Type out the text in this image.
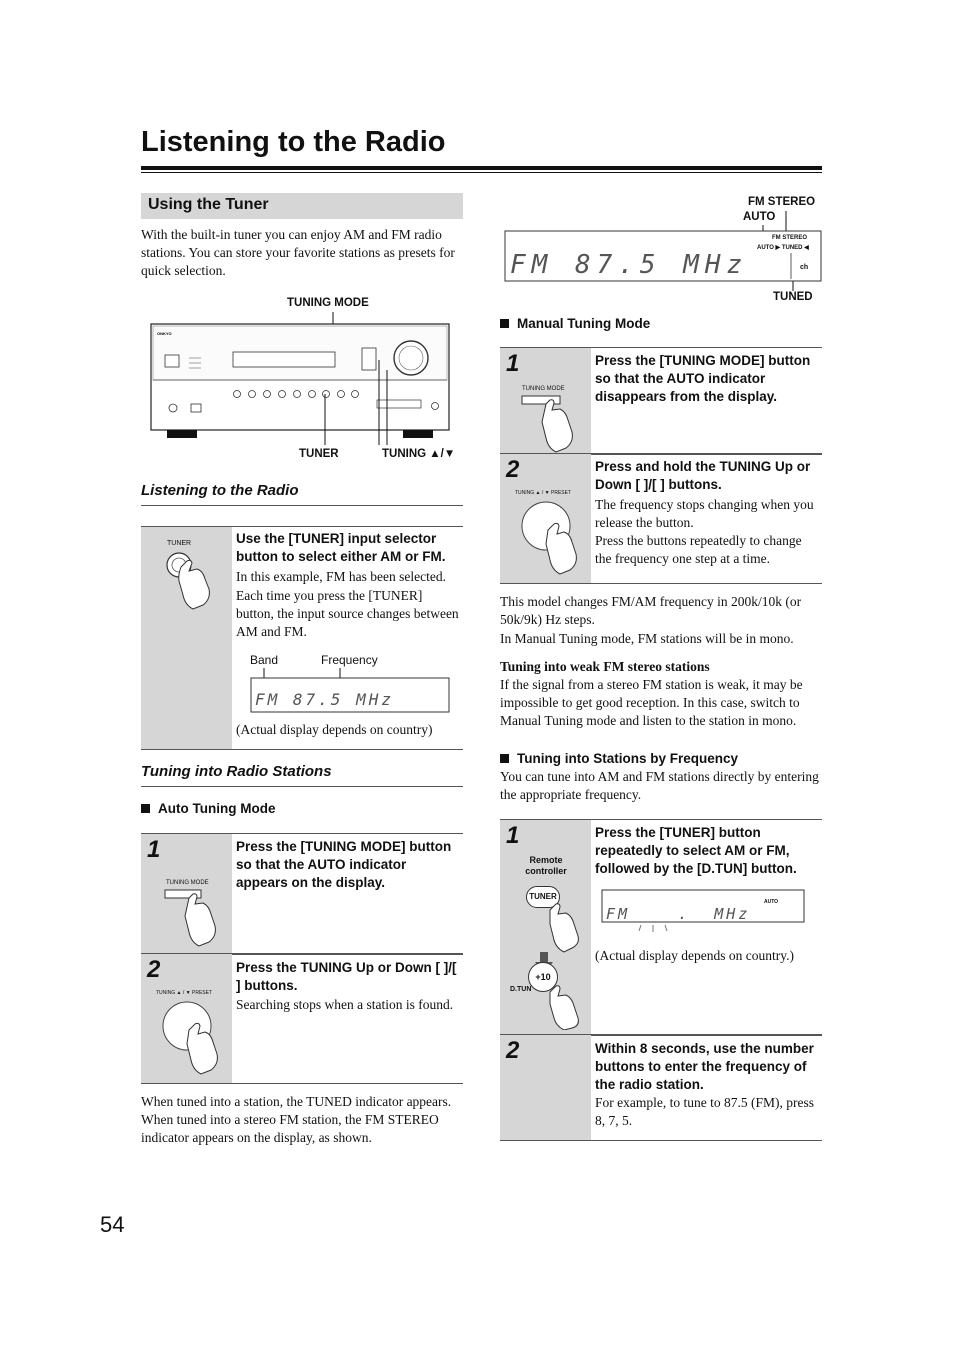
Listening to the Radio
Using the Tuner
With the built-in tuner you can enjoy AM and FM radio stations. You can store your favorite stations as presets for quick selection.
TUNING MODE
ONKYO
TUNER	TUNING ▲/▼
Listening to the Radio
TUNER	Use the [TUNER] input selector button to select either AM or FM.
In this example, FM has been selected.
Each time you press the [TUNER] button, the input source changes between AM and FM.
Band	Frequency
FM 87.5 MHz
(Actual display depends on country)
Tuning into Radio Stations
Auto Tuning Mode
1
TUNING MODE
Press the [TUNING MODE] button so that the AUTO indicator appears on the display.
2
TUNING ▲ / ▼ PRESET
Press the TUNING Up or Down [ ]/[ ] buttons.
Searching stops when a station is found.
When tuned into a station, the TUNED indicator appears. When tuned into a stereo FM station, the FM STEREO indicator appears on the display, as shown.
FM STEREO
AUTO
FM STEREO
AUTO ▶ TUNED ◀
ch
FM 87.5 MHz
TUNED
Manual Tuning Mode
1
TUNING MODE
Press the [TUNING MODE] button so that the AUTO indicator disappears from the display.
2
TUNING ▲ / ▼ PRESET
Press and hold the TUNING Up or Down [ ]/[ ] buttons.
The frequency stops changing when you release the button.
Press the buttons repeatedly to change the frequency one step at a time.
This model changes FM/AM frequency in 200k/10k (or 50k/9k) Hz steps.
In Manual Tuning mode, FM stations will be in mono.
Tuning into weak FM stereo stations
If the signal from a stereo FM station is weak, it may be impossible to get good reception. In this case, switch to Manual Tuning mode and listen to the station in mono.
Tuning into Stations by Frequency
You can tune into AM and FM stations directly by entering the appropriate frequency.
1
Remote controller
TUNER
+10
D.TUN
Press the [TUNER] button repeatedly to select AM or FM, followed by the [D.TUN] button.
FM _ _._ MHz
AUTO
(Actual display depends on country.)
2	Within 8 seconds, use the number buttons to enter the frequency of the radio station.
For example, to tune to 87.5 (FM), press 8, 7, 5.
54
